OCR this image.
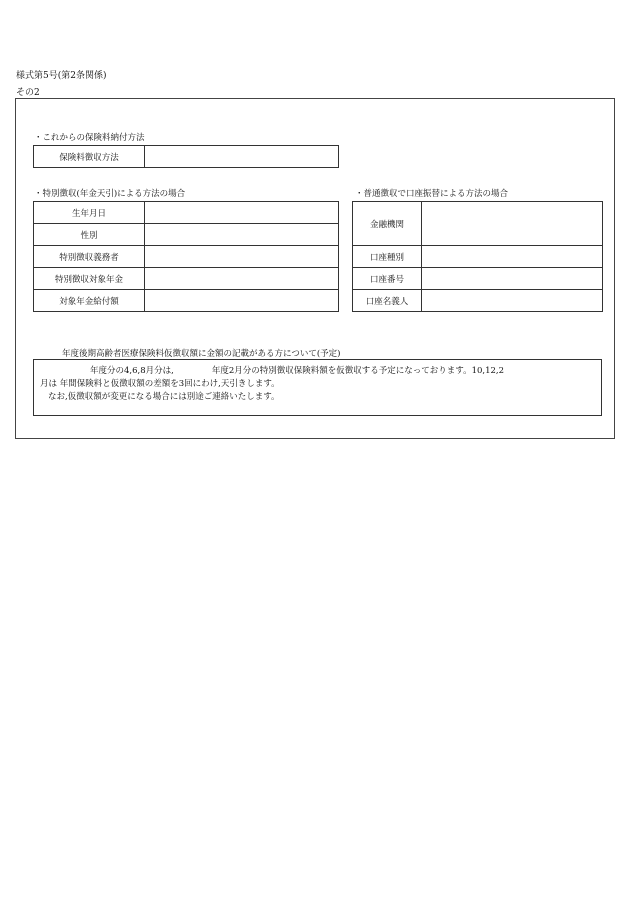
様式第5号(第2条関係)
その2
・これからの保険料納付方法
保険料徴収方法	
・特別徴収(年金天引)による方法の場合
生年月日	
性別	
特別徴収義務者	
特別徴収対象年金	
対象年金給付額	
・普通徴収で口座振替による方法の場合
金融機関	
口座種別	
口座番号	
口座名義人	
年度後期高齢者医療保険料仮徴収額に金額の記載がある方について(予定)

年度分の4,6,8月分は,	年度2月分の特別徴収保険料額を仮徴収する予定になっております。10,12,2

月は 年間保険料と仮徴収額の差額を3回にわけ,天引きします。

なお,仮徴収額が変更になる場合には別途ご連絡いたします。
